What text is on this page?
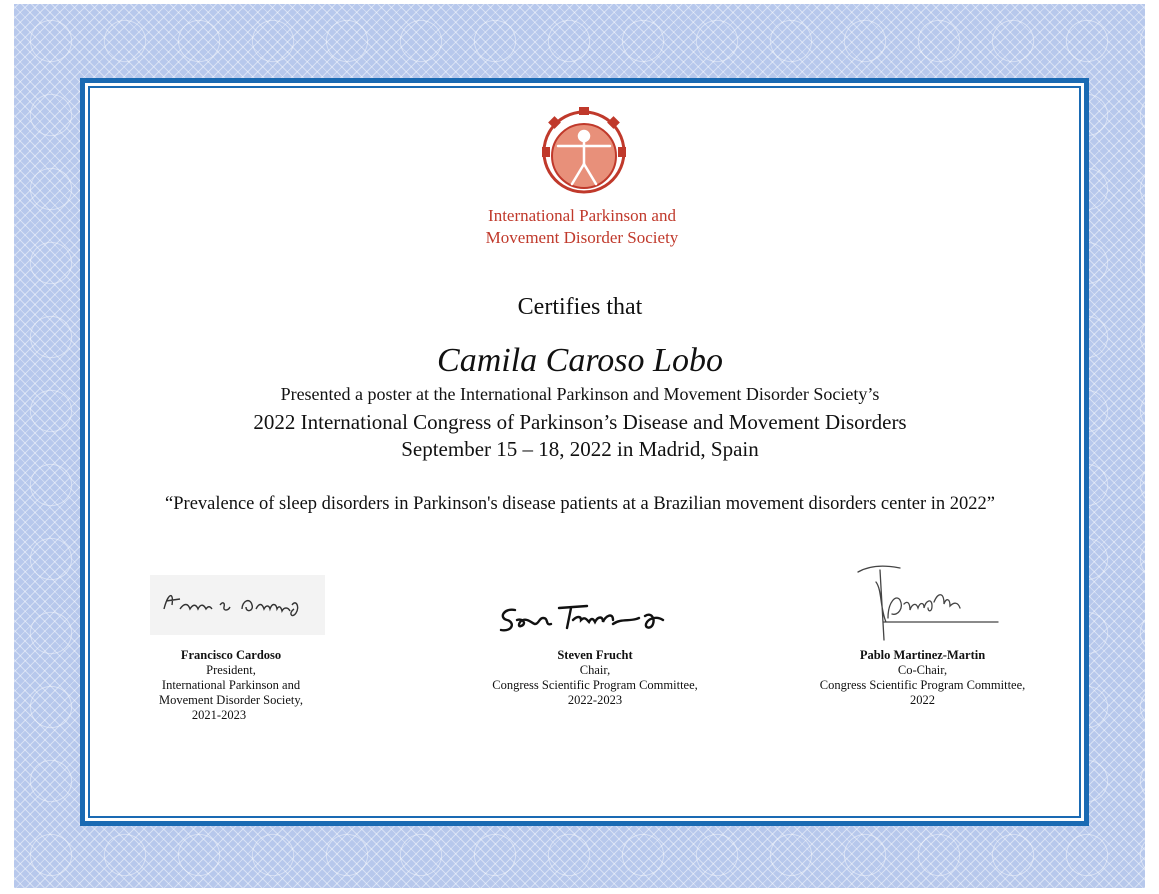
International Parkinson and
Movement Disorder Society
Certifies that
Camila Caroso Lobo
Presented a poster at the International Parkinson and Movement Disorder Society’s
2022 International Congress of Parkinson’s Disease and Movement Disorders
September 15 – 18, 2022 in Madrid, Spain
“Prevalence of sleep disorders in Parkinson's disease patients at a Brazilian movement disorders center in 2022”
Francisco Cardoso
President,
International Parkinson and
Movement Disorder Society,
2021-2023
Steven Frucht
Chair,
Congress Scientific Program Committee,
2022-2023
Pablo Martinez-Martin
Co-Chair,
Congress Scientific Program Committee,
2022
